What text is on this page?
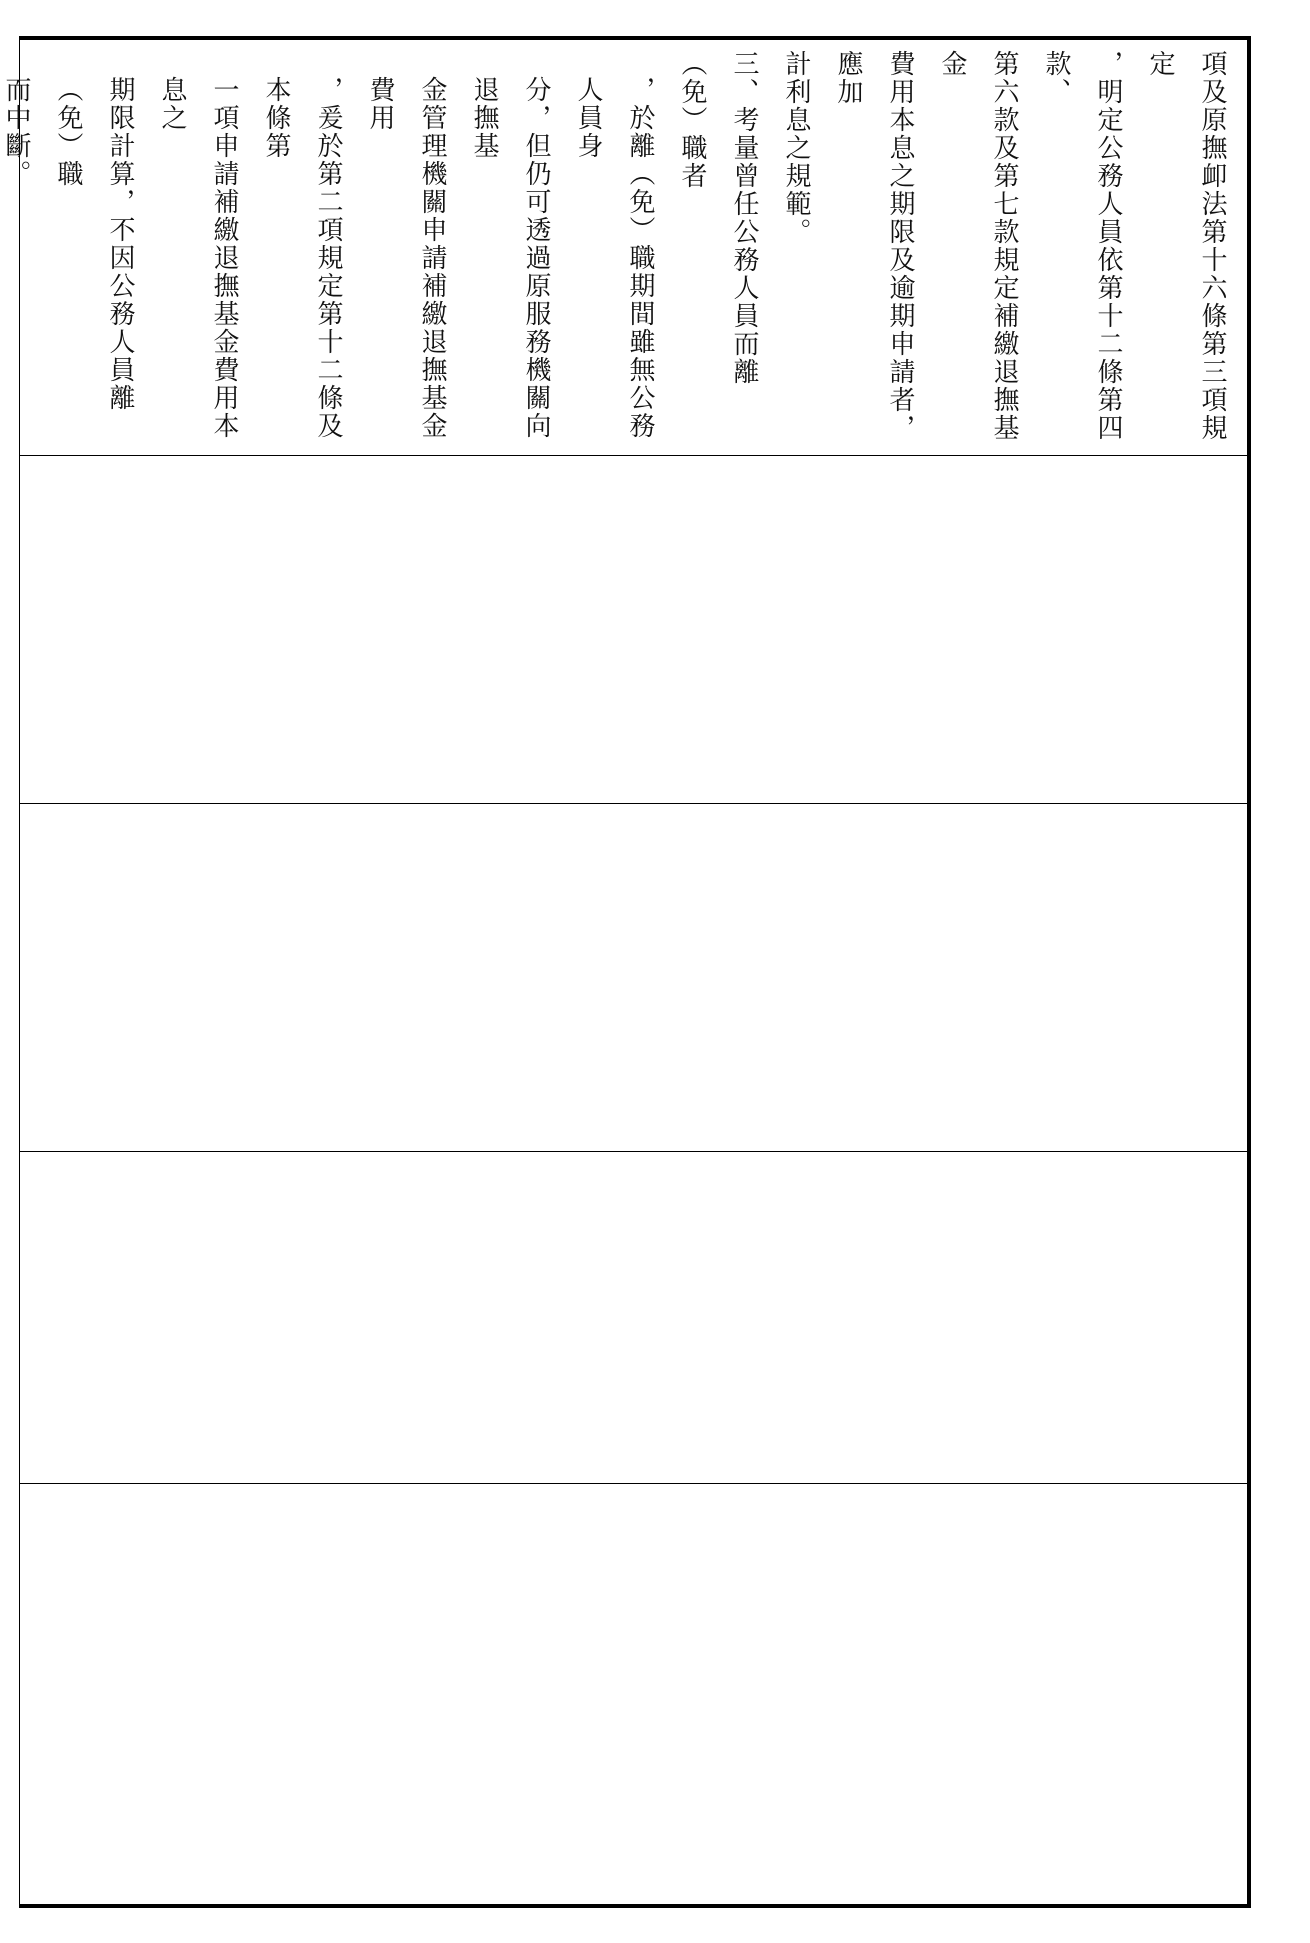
項及原撫卹法第十六條第三項規定

，明定公務人員依第十二條第四款、

第六款及第七款規定補繳退撫基金

費用本息之期限及逾期申請者，應加

計利息之規範。

三、考量曾任公務人員而離（免）職者

，於離（免）職期間雖無公務人員身

分，但仍可透過原服務機關向退撫基

金管理機關申請補繳退撫基金費用

，爰於第二項規定第十二條及本條第

一項申請補繳退撫基金費用本息之

期限計算，不因公務人員離（免）職

而中斷。
